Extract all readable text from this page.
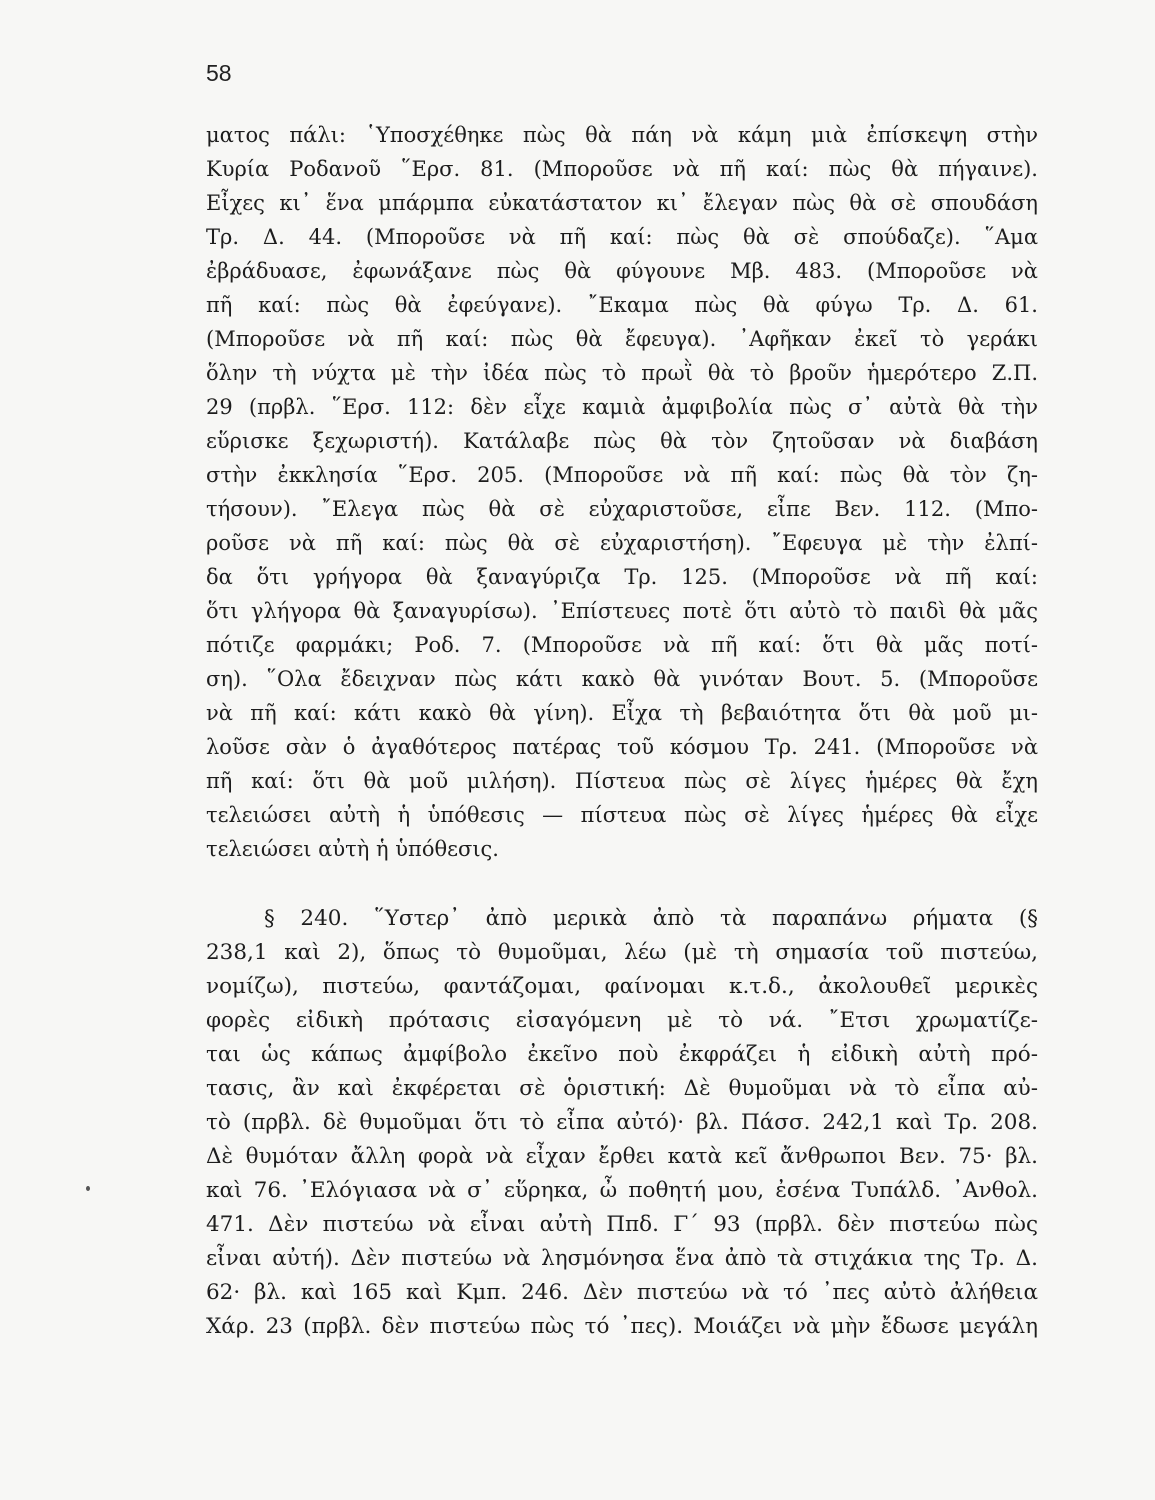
58
ματος πάλι: ῾Υποσχέθηκε πὼς θὰ πάη νὰ κάμη μιὰ ἐπίσκεψη στὴν
Κυρία Ροδανοῦ ῞Ερσ. 81. (Μποροῦσε νὰ πῆ καί: πὼς θὰ πήγαινε).
Εἶχες κι᾽ ἕνα μπάρμπα εὐκατάστατον κι᾽ ἔλεγαν πὼς θὰ σὲ σπουδάση
Τρ. Δ. 44. (Μποροῦσε νὰ πῆ καί: πὼς θὰ σὲ σπούδαζε). ῞Αμα
ἐβράδυασε, ἐφωνάξανε πὼς θὰ φύγουνε Μβ. 483. (Μποροῦσε νὰ
πῆ καί: πὼς θὰ ἐφεύγανε). ῎Εκαμα πὼς θὰ φύγω Τρ. Δ. 61.
(Μποροῦσε νὰ πῆ καί: πὼς θὰ ἔφευγα). ᾿Αφῆκαν ἐκεῖ τὸ γεράκι
ὅλην τὴ νύχτα μὲ τὴν ἰδέα πὼς τὸ πρωῒ θὰ τὸ βροῦν ἡμερότερο Ζ.Π.
29 (πρβλ. ῞Ερσ. 112: δὲν εἶχε καμιὰ ἀμφιβολία πὼς σ᾽ αὐτὰ θὰ τὴν
εὕρισκε ξεχωριστή). Κατάλαβε πὼς θὰ τὸν ζητοῦσαν νὰ διαβάση
στὴν ἐκκλησία ῞Ερσ. 205. (Μποροῦσε νὰ πῆ καί: πὼς θὰ τὸν ζη-
τήσουν). ῎Ελεγα πὼς θὰ σὲ εὐχαριστοῦσε, εἶπε Βεν. 112. (Μπο-
ροῦσε νὰ πῆ καί: πὼς θὰ σὲ εὐχαριστήση). ῎Εφευγα μὲ τὴν ἐλπί-
δα ὅτι γρήγορα θὰ ξαναγύριζα Τρ. 125. (Μποροῦσε νὰ πῆ καί:
ὅτι γλήγορα θὰ ξαναγυρίσω). ᾿Επίστευες ποτὲ ὅτι αὐτὸ τὸ παιδὶ θὰ μᾶς
πότιζε φαρμάκι; Ροδ. 7. (Μποροῦσε νὰ πῆ καί: ὅτι θὰ μᾶς ποτί-
ση). ῞Ολα ἔδειχναν πὼς κάτι κακὸ θὰ γινόταν Βουτ. 5. (Μποροῦσε
νὰ πῆ καί: κάτι κακὸ θὰ γίνη). Εἶχα τὴ βεβαιότητα ὅτι θὰ μοῦ μι-
λοῦσε σὰν ὁ ἀγαθότερος πατέρας τοῦ κόσμου Τρ. 241. (Μποροῦσε νὰ
πῆ καί: ὅτι θὰ μοῦ μιλήση). Πίστευα πὼς σὲ λίγες ἡμέρες θὰ ἔχη
τελειώσει αὐτὴ ἡ ὑπόθεσις — πίστευα πὼς σὲ λίγες ἡμέρες θὰ εἶχε
τελειώσει αὐτὴ ἡ ὑπόθεσις.
§ 240. ῞Υστερ᾽ ἀπὸ μερικὰ ἀπὸ τὰ παραπάνω ρήματα (§
238,1 καὶ 2), ὅπως τὸ θυμοῦμαι, λέω (μὲ τὴ σημασία τοῦ πιστεύω,
νομίζω), πιστεύω, φαντάζομαι, φαίνομαι κ.τ.δ., ἀκολουθεῖ μερικὲς
φορὲς εἰδικὴ πρότασις εἰσαγόμενη μὲ τὸ νά. ῎Ετσι χρωματίζε-
ται ὡς κάπως ἀμφίβολο ἐκεῖνο ποὺ ἐκφράζει ἡ εἰδικὴ αὐτὴ πρό-
τασις, ἂν καὶ ἐκφέρεται σὲ ὁριστική: Δὲ θυμοῦμαι νὰ τὸ εἶπα αὐ-
τὸ (πρβλ. δὲ θυμοῦμαι ὅτι τὸ εἶπα αὐτό)· βλ. Πάσσ. 242,1 καὶ Τρ. 208.
Δὲ θυμόταν ἄλλη φορὰ νὰ εἶχαν ἔρθει κατὰ κεῖ ἄνθρωποι Βεν. 75· βλ.
καὶ 76. ᾿Ελόγιασα νὰ σ᾽ εὕρηκα, ὦ ποθητή μου, ἐσένα Τυπάλδ. ᾿Ανθολ.
471. Δὲν πιστεύω νὰ εἶναι αὐτὴ Ππδ. Γ΄ 93 (πρβλ. δὲν πιστεύω πὼς
εἶναι αὐτή). Δὲν πιστεύω νὰ λησμόνησα ἕνα ἀπὸ τὰ στιχάκια της Τρ. Δ.
62· βλ. καὶ 165 καὶ Κμπ. 246. Δὲν πιστεύω νὰ τό ᾽πες αὐτὸ ἀλήθεια
Χάρ. 23 (πρβλ. δὲν πιστεύω πὼς τό ᾽πες). Μοιάζει νὰ μὴν ἔδωσε μεγάλη
